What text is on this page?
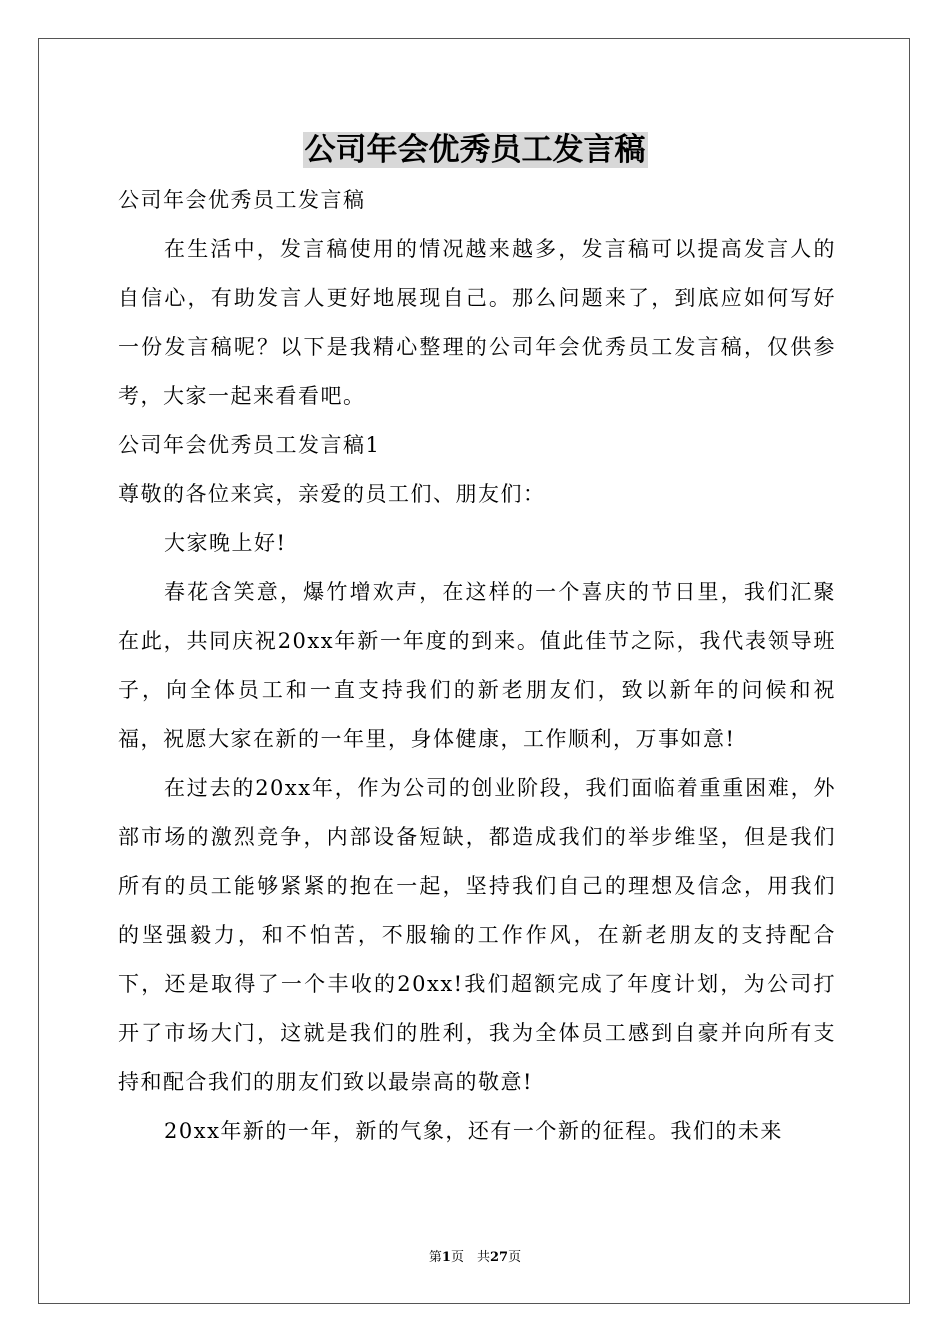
公司年会优秀员工发言稿

公司年会优秀员工发言稿

在生活中，发言稿使用的情况越来越多，发言稿可以提高发言人的自信心，有助发言人更好地展现自己。那么问题来了，到底应如何写好一份发言稿呢？以下是我精心整理的公司年会优秀员工发言稿，仅供参考，大家一起来看看吧。

公司年会优秀员工发言稿1

尊敬的各位来宾，亲爱的员工们、朋友们：

大家晚上好!

春花含笑意，爆竹增欢声，在这样的一个喜庆的节日里，我们汇聚在此，共同庆祝20xx年新一年度的到来。值此佳节之际，我代表领导班子，向全体员工和一直支持我们的新老朋友们，致以新年的问候和祝福，祝愿大家在新的一年里，身体健康，工作顺利，万事如意!

在过去的20xx年，作为公司的创业阶段，我们面临着重重困难，外部市场的激烈竞争，内部设备短缺，都造成我们的举步维坚，但是我们所有的员工能够紧紧的抱在一起，坚持我们自己的理想及信念，用我们的坚强毅力，和不怕苦，不服输的工作作风，在新老朋友的支持配合下，还是取得了一个丰收的20xx!我们超额完成了年度计划，为公司打开了市场大门，这就是我们的胜利，我为全体员工感到自豪并向所有支持和配合我们的朋友们致以最崇高的敬意!

20xx年新的一年，新的气象，还有一个新的征程。我们的未来

第1页　共27页
